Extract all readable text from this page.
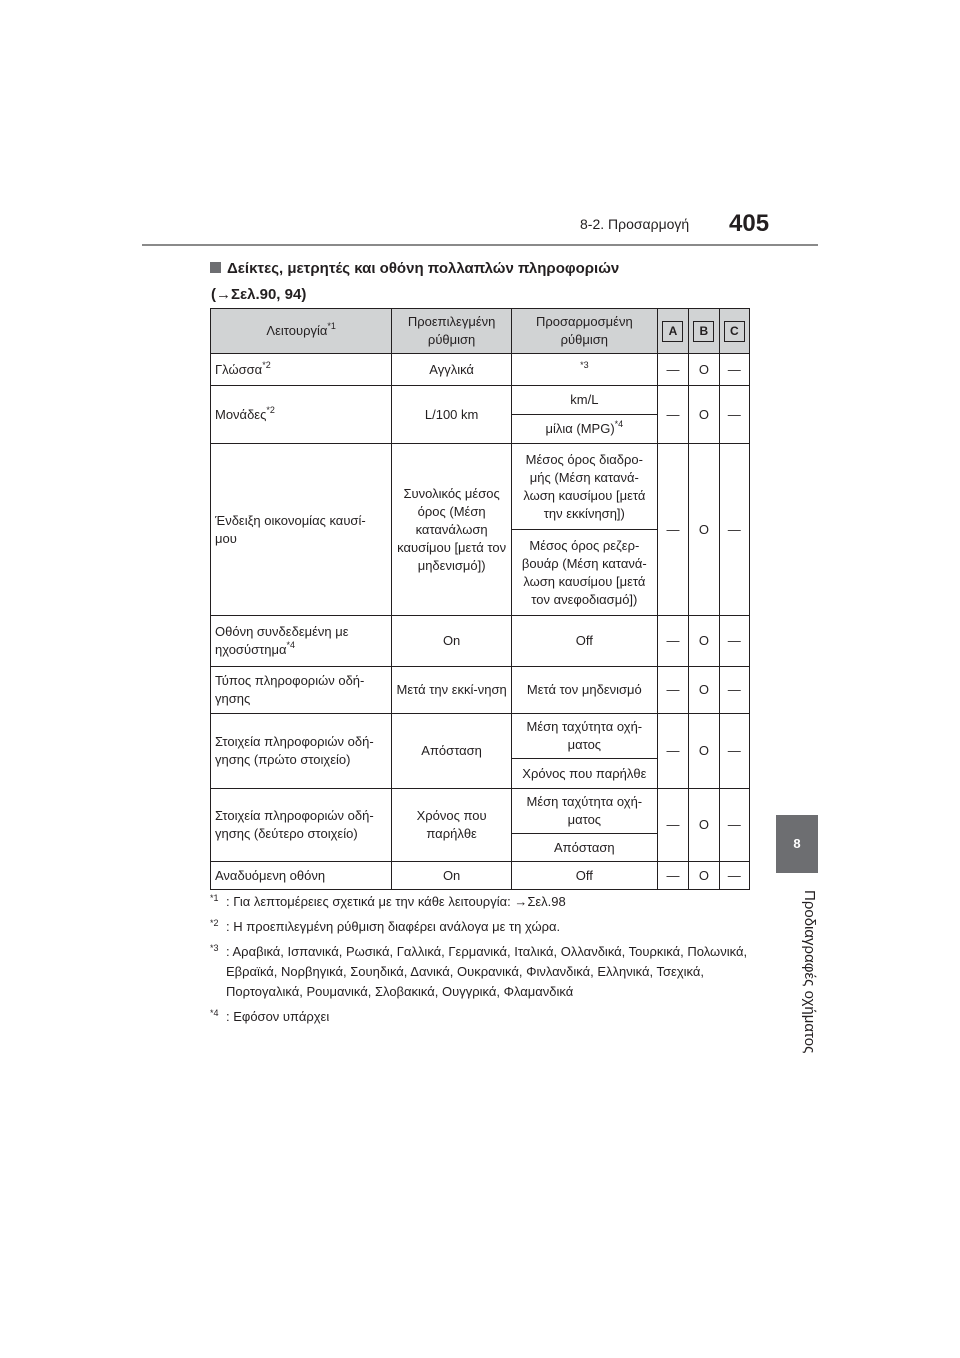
8-2. Προσαρμογή 405
8
Προδιαγραφές οχήματος
Δείκτες, μετρητές και οθόνη πολλαπλών πληροφοριών
(→Σελ.90, 94)
Λειτουργία$^{*1}$	Προεπιλεγμένη ρύθμιση	Προσαρμοσμένη ρύθμιση	A	B	C
Γλώσσα$^{*2}$	Αγγλικά	$^{*3}$	—	O	—
Μονάδες$^{*2}$	L/100 km	km/L	—	O	—
		μίλια (MPG)$^{*4}$
Ένδειξη οικονομίας καυσί-μου	Συνολικός μέσος όρος (Μέση κατανάλωση καυσίμου [μετά τον μηδενισμό])	Μέσος όρος διαδρο-μής (Μέση κατανά-λωση καυσίμου [μετά την εκκίνηση])	—	O	—
		Μέσος όρος ρεζερ-βουάρ (Μέση κατανά-λωση καυσίμου [μετά τον ανεφοδιασμό])			
Οθόνη συνδεδεμένη με ηχοσύστημα$^{*4}$	On	Off	—	O	—
Τύπος πληροφοριών οδή-γησης	Μετά την εκκί-νηση	Μετά τον μηδενισμό	—	O	—
Στοιχεία πληροφοριών οδή-γησης (πρώτο στοιχείο)	Απόσταση	Μέση ταχύτητα οχή-ματος	—	O	—
		Χρόνος που παρήλθε			
Στοιχεία πληροφοριών οδή-γησης (δεύτερο στοιχείο)	Χρόνος που παρήλθε	Μέση ταχύτητα οχή-ματος	—	O	—
		Απόσταση			
Αναδυόμενη οθόνη	On	Off	—	O	—
$^{*1}$ : Για λεπτομέρειες σχετικά με την κάθε λειτουργία: →Σελ.98
$^{*2}$ : Η προεπιλεγμένη ρύθμιση διαφέρει ανάλογα με τη χώρα.
$^{*3}$ : Αραβικά, Ισπανικά, Ρωσικά, Γαλλικά, Γερμανικά, Ιταλικά, Ολλανδικά, Τουρκικά, Πολωνικά, Εβραϊκά, Νορβηγικά, Σουηδικά, Δανικά, Ουκρανικά, Φινλανδικά, Ελληνικά, Τσεχικά, Πορτογαλικά, Ρουμανικά, Σλοβακικά, Ουγγρικά, Φλαμανδικά
$^{*4}$ : Εφόσον υπάρχει
